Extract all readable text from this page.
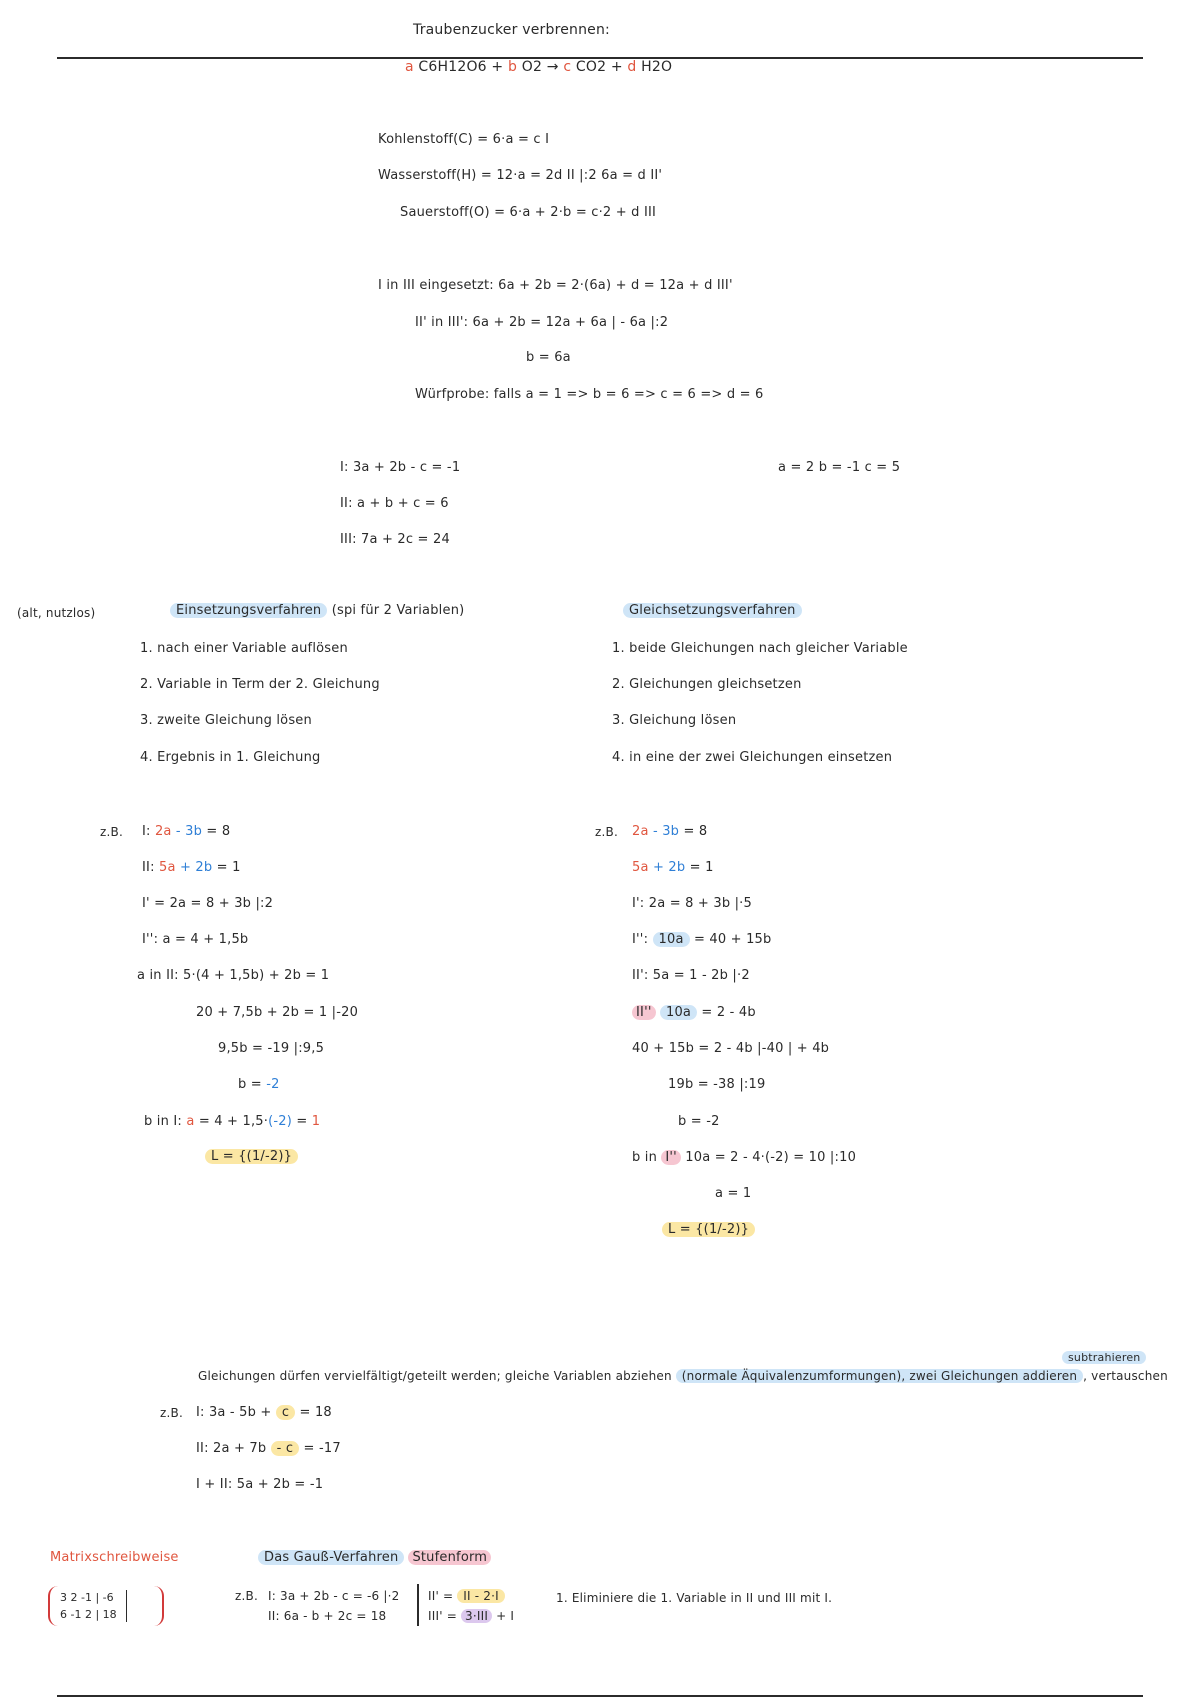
Traubenzucker verbrennen:
a C6H12O6 + b O2 → c CO2 + d H2O
Kohlenstoff(C) = 6·a = c I
Wasserstoff(H) = 12·a = 2d II |:2 6a = d II'
Sauerstoff(O) = 6·a + 2·b = c·2 + d III
I in III eingesetzt: 6a + 2b = 2·(6a) + d = 12a + d III'
II' in III': 6a + 2b = 12a + 6a | - 6a |:2
b = 6a
Würfprobe: falls a = 1 => b = 6 => c = 6 => d = 6
I: 3a + 2b - c = -1
II: a + b + c = 6
III: 7a + 2c = 24
a = 2 b = -1 c = 5
(alt, nutzlos)	Einsetzungsverfahren (spi für 2 Variablen)
1. nach einer Variable auflösen
2. Variable in Term der 2. Gleichung
3. zweite Gleichung lösen
4. Ergebnis in 1. Gleichung
z.B. I: 2a - 3b = 8
II: 5a + 2b = 1
I' = 2a = 8 + 3b |:2
I'': a = 4 + 1,5b
a in II: 5·(4 + 1,5b) + 2b = 1
20 + 7,5b + 2b = 1 |-20
9,5b = -19 |:9,5
b = -2
b in I: a = 4 + 1,5·(-2) = 1
L = {(1/-2)}
Gleichsetzungsverfahren
1. beide Gleichungen nach gleicher Variable
2. Gleichungen gleichsetzen
3. Gleichung lösen
4. in eine der zwei Gleichungen einsetzen
z.B. 2a - 3b = 8
5a + 2b = 1
I': 2a = 8 + 3b |·5
I'': 10a = 40 + 15b
II': 5a = 1 - 2b |·2
II'' 10a = 2 - 4b
40 + 15b = 2 - 4b |-40 | + 4b
19b = -38 |:19
b = -2
b in I'' 10a = 2 - 4·(-2) = 10 |:10
a = 1
L = {(1/-2)}
subtrahieren
Gleichungen dürfen vervielfältigt/geteilt werden; gleiche Variablen abziehen (normale Äquivalenzumformungen), zwei Gleichungen addieren , vertauschen
z.B. I: 3a - 5b + c = 18
II: 2a + 7b - c = -17
I + II: 5a + 2b = -1
Matrixschreibweise
3 2 -1 | -6
6 -1 2 | 18
Das Gauß-Verfahren Stufenform
z.B. I: 3a + 2b - c = -6 |·2
II: 6a - b + 2c = 18
II' = II - 2·I
III' = 3·III + I
1. Eliminiere die 1. Variable in II und III mit I.
